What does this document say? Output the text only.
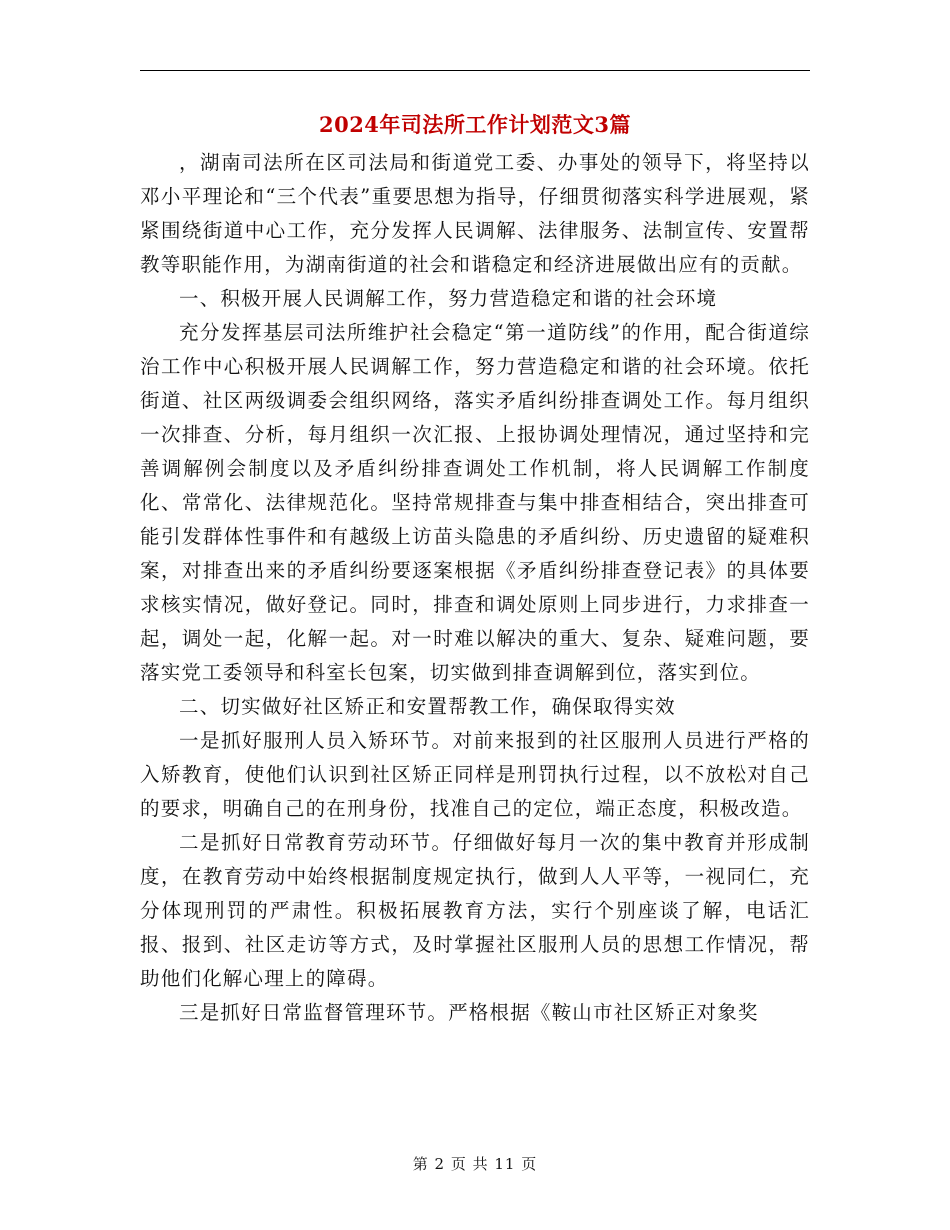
2024年司法所工作计划范文3篇

，湖南司法所在区司法局和街道党工委、办事处的领导下，将坚持以邓小平理论和“三个代表”重要思想为指导，仔细贯彻落实科学进展观，紧紧围绕街道中心工作，充分发挥人民调解、法律服务、法制宣传、安置帮教等职能作用，为湖南街道的社会和谐稳定和经济进展做出应有的贡献。

一、积极开展人民调解工作，努力营造稳定和谐的社会环境

充分发挥基层司法所维护社会稳定“第一道防线”的作用，配合街道综治工作中心积极开展人民调解工作，努力营造稳定和谐的社会环境。依托街道、社区两级调委会组织网络，落实矛盾纠纷排查调处工作。每月组织一次排查、分析，每月组织一次汇报、上报协调处理情况，通过坚持和完善调解例会制度以及矛盾纠纷排查调处工作机制，将人民调解工作制度化、常常化、法律规范化。坚持常规排查与集中排查相结合，突出排查可能引发群体性事件和有越级上访苗头隐患的矛盾纠纷、历史遗留的疑难积案，对排查出来的矛盾纠纷要逐案根据《矛盾纠纷排查登记表》的具体要求核实情况，做好登记。同时，排查和调处原则上同步进行，力求排查一起，调处一起，化解一起。对一时难以解决的重大、复杂、疑难问题，要落实党工委领导和科室长包案，切实做到排查调解到位，落实到位。

二、切实做好社区矫正和安置帮教工作，确保取得实效

一是抓好服刑人员入矫环节。对前来报到的社区服刑人员进行严格的入矫教育，使他们认识到社区矫正同样是刑罚执行过程，以不放松对自己的要求，明确自己的在刑身份，找准自己的定位，端正态度，积极改造。

二是抓好日常教育劳动环节。仔细做好每月一次的集中教育并形成制度，在教育劳动中始终根据制度规定执行，做到人人平等，一视同仁，充分体现刑罚的严肃性。积极拓展教育方法，实行个别座谈了解，电话汇报、报到、社区走访等方式，及时掌握社区服刑人员的思想工作情况，帮助他们化解心理上的障碍。

三是抓好日常监督管理环节。严格根据《鞍山市社区矫正对象奖

第 2 页 共 11 页
